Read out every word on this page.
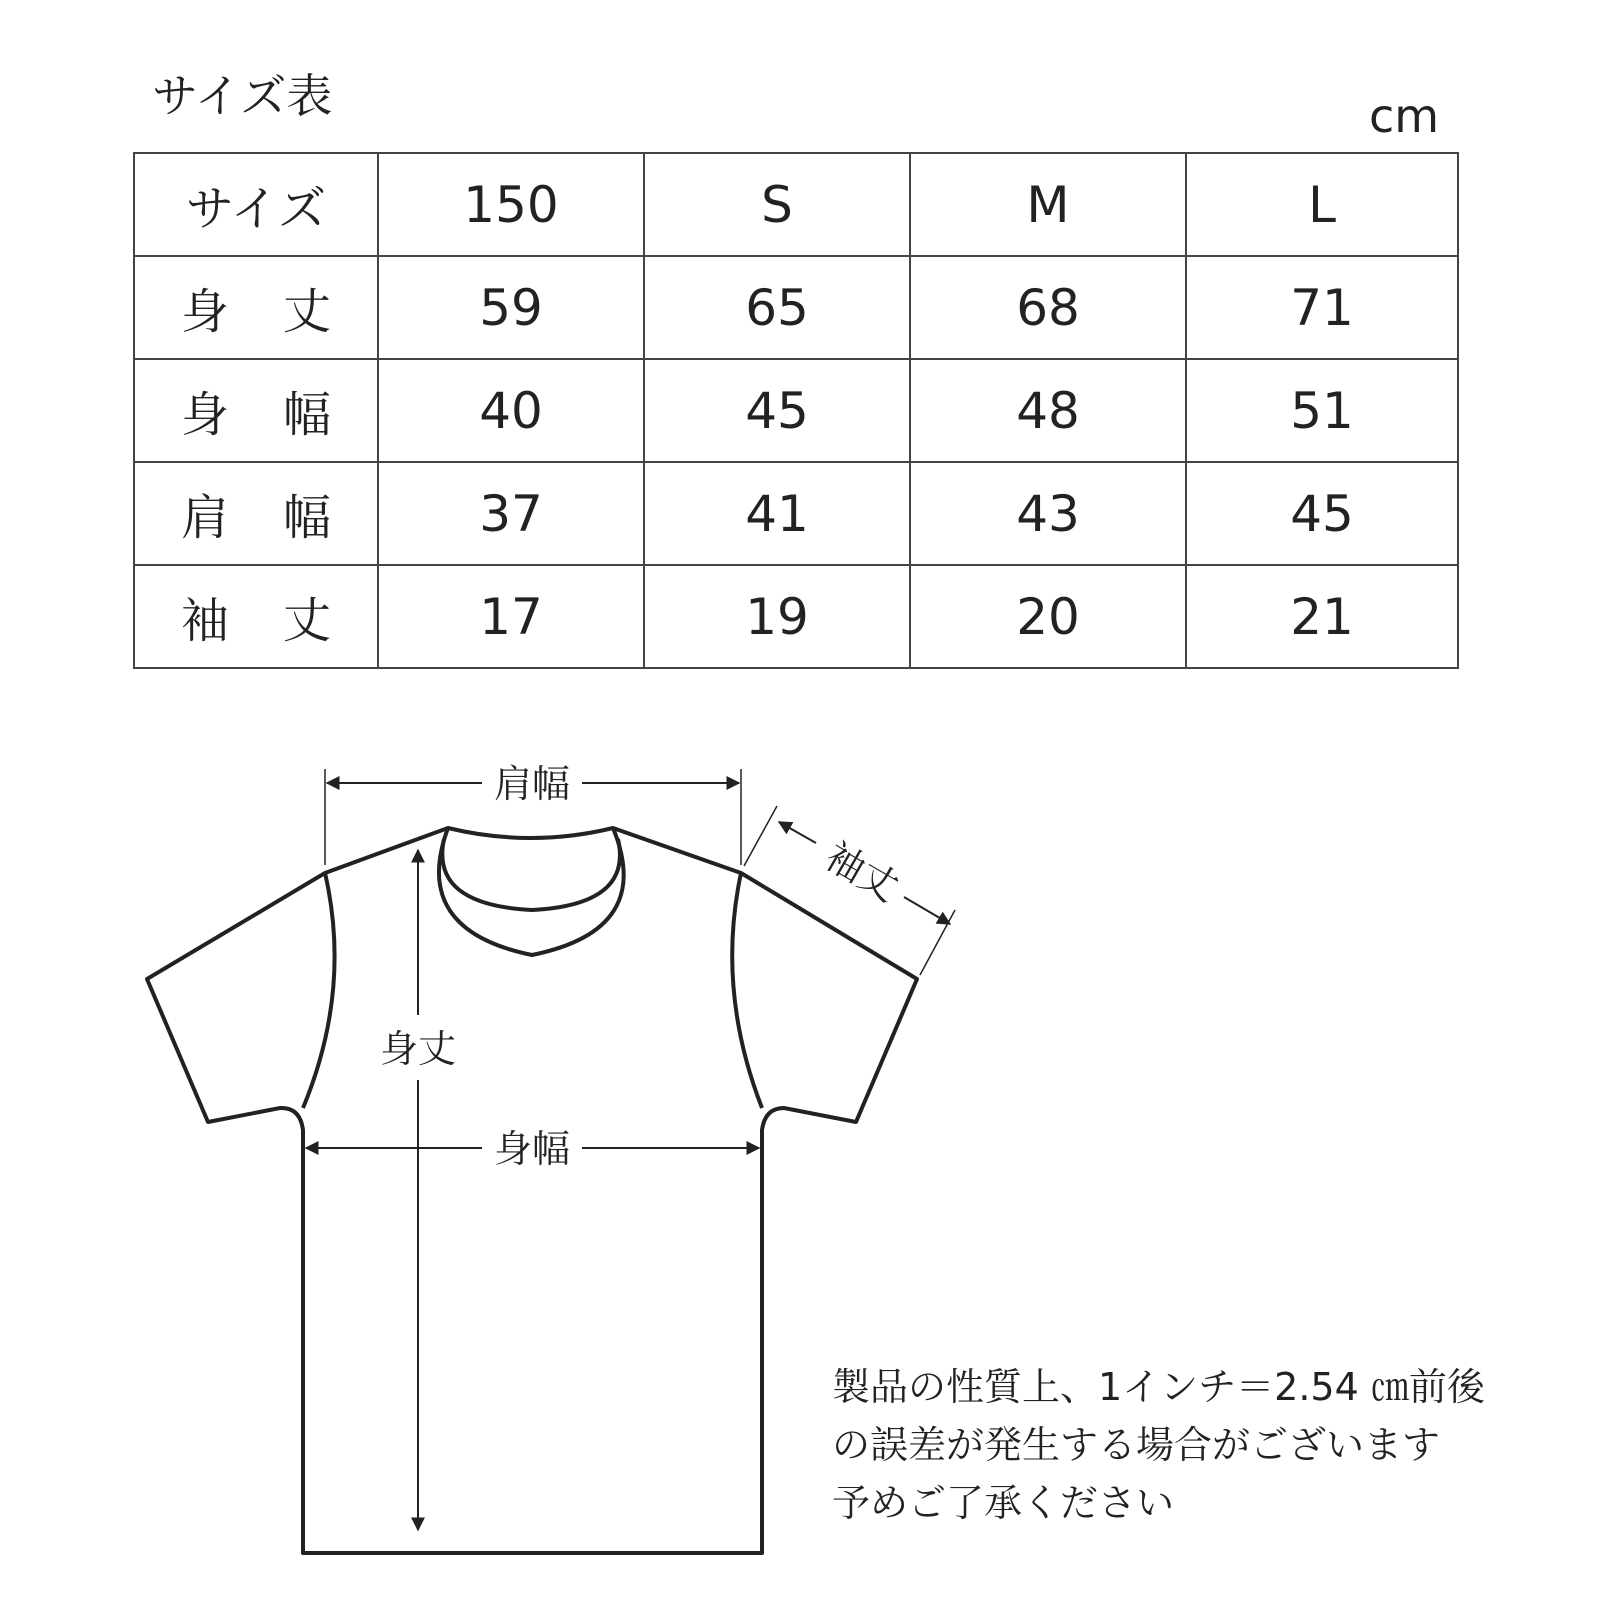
サイズ表	cm
サイズ	150	S	M	L

身 丈	59	65	68	71

身 幅	40	45	48	51

肩 幅	37	41	43	45

袖 丈	17	19	20	21
肩幅
身幅
身丈
袖丈
製品の性質上、1インチ＝2.54 ㎝前後
の誤差が発生する場合がございます
予めご了承ください
